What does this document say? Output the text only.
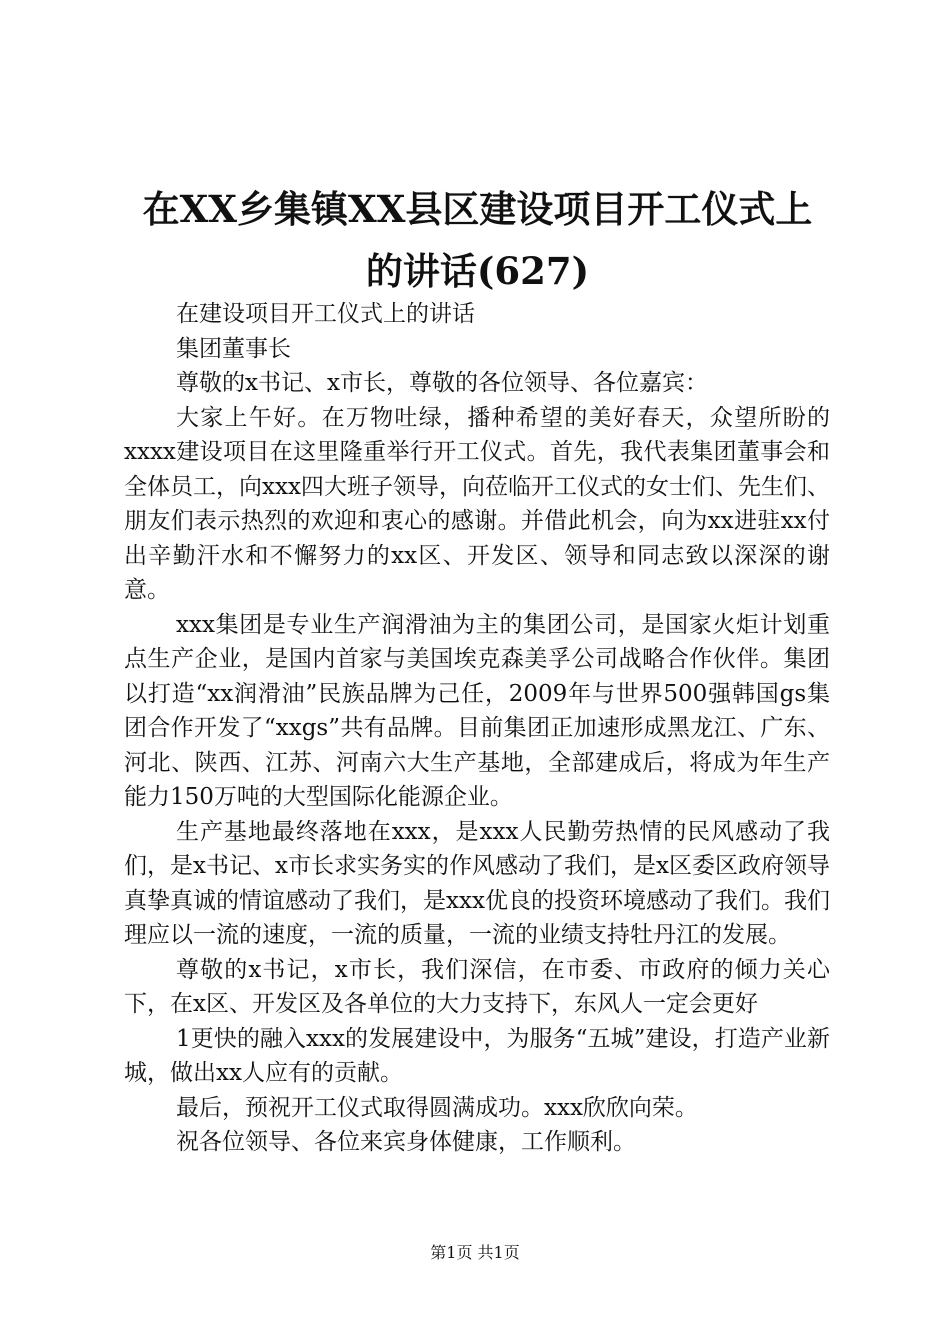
在XX乡集镇XX县区建设项目开工仪式上的讲话(627)

在建设项目开工仪式上的讲话

集团董事长

尊敬的x书记、x市长，尊敬的各位领导、各位嘉宾：

大家上午好。在万物吐绿，播种希望的美好春天，众望所盼的xxxx建设项目在这里隆重举行开工仪式。首先，我代表集团董事会和全体员工，向xxx四大班子领导，向莅临开工仪式的女士们、先生们、朋友们表示热烈的欢迎和衷心的感谢。并借此机会，向为xx进驻xx付出辛勤汗水和不懈努力的xx区、开发区、领导和同志致以深深的谢意。

xxx集团是专业生产润滑油为主的集团公司，是国家火炬计划重点生产企业，是国内首家与美国埃克森美孚公司战略合作伙伴。集团以打造“xx润滑油”民族品牌为己任，2009年与世界500强韩国gs集团合作开发了“xxgs”共有品牌。目前集团正加速形成黑龙江、广东、河北、陕西、江苏、河南六大生产基地，全部建成后，将成为年生产能力150万吨的大型国际化能源企业。

生产基地最终落地在xxx，是xxx人民勤劳热情的民风感动了我们，是x书记、x市长求实务实的作风感动了我们，是x区委区政府领导真挚真诚的情谊感动了我们，是xxx优良的投资环境感动了我们。我们理应以一流的速度，一流的质量，一流的业绩支持牡丹江的发展。

尊敬的x书记，x市长，我们深信，在市委、市政府的倾力关心下，在x区、开发区及各单位的大力支持下，东风人一定会更好

1更快的融入xxx的发展建设中，为服务“五城”建设，打造产业新城，做出xx人应有的贡献。

最后，预祝开工仪式取得圆满成功。xxx欣欣向荣。

祝各位领导、各位来宾身体健康，工作顺利。

第1页 共1页
